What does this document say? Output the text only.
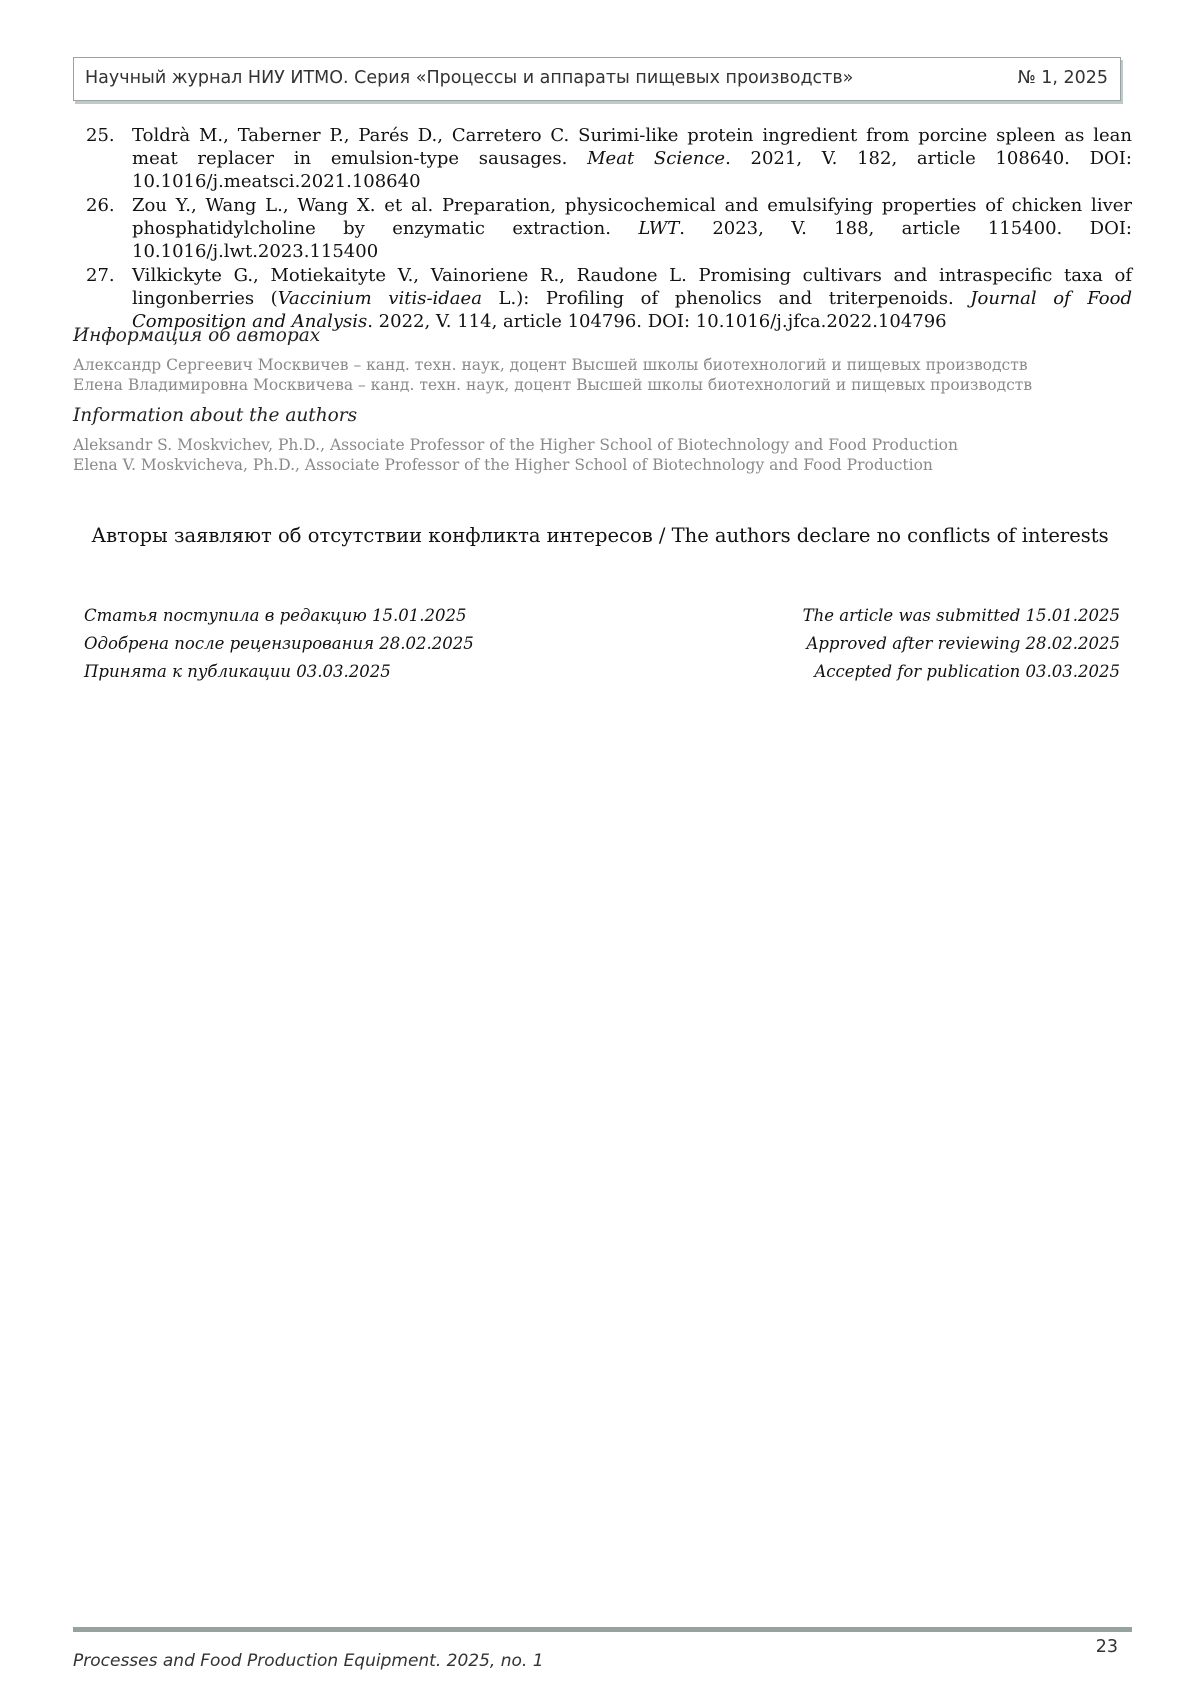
Научный журнал НИУ ИТМО. Серия «Процессы и аппараты пищевых производств»	№ 1, 2025
25. Toldrà M., Taberner P., Parés D., Carretero C. Surimi-like protein ingredient from porcine spleen as lean meat replacer in emulsion-type sausages. Meat Science. 2021, V. 182, article 108640. DOI: 10.1016/j.meatsci.2021.108640
26. Zou Y., Wang L., Wang X. et al. Preparation, physicochemical and emulsifying properties of chicken liver phosphatidylcholine by enzymatic extraction. LWT. 2023, V. 188, article 115400. DOI: 10.1016/j.lwt.2023.115400
27. Vilkickyte G., Motiekaityte V., Vainoriene R., Raudone L. Promising cultivars and intraspecific taxa of lingonberries (Vaccinium vitis-idaea L.): Profiling of phenolics and triterpenoids. Journal of Food Composition and Analysis. 2022, V. 114, article 104796. DOI: 10.1016/j.jfca.2022.104796
Информация об авторах
Александр Сергеевич Москвичев – канд. техн. наук, доцент Высшей школы биотехнологий и пищевых производств
Елена Владимировна Москвичева – канд. техн. наук, доцент Высшей школы биотехнологий и пищевых производств
Information about the authors
Aleksandr S. Moskvichev, Ph.D., Associate Professor of the Higher School of Biotechnology and Food Production
Elena V. Moskvicheva, Ph.D., Associate Professor of the Higher School of Biotechnology and Food Production
Авторы заявляют об отсутствии конфликта интересов / The authors declare no conflicts of interests
Статья поступила в редакцию 15.01.2025
Одобрена после рецензирования 28.02.2025
Принята к публикации 03.03.2025
The article was submitted 15.01.2025
Approved after reviewing 28.02.2025
Accepted for publication 03.03.2025
23
Processes and Food Production Equipment. 2025, no. 1
